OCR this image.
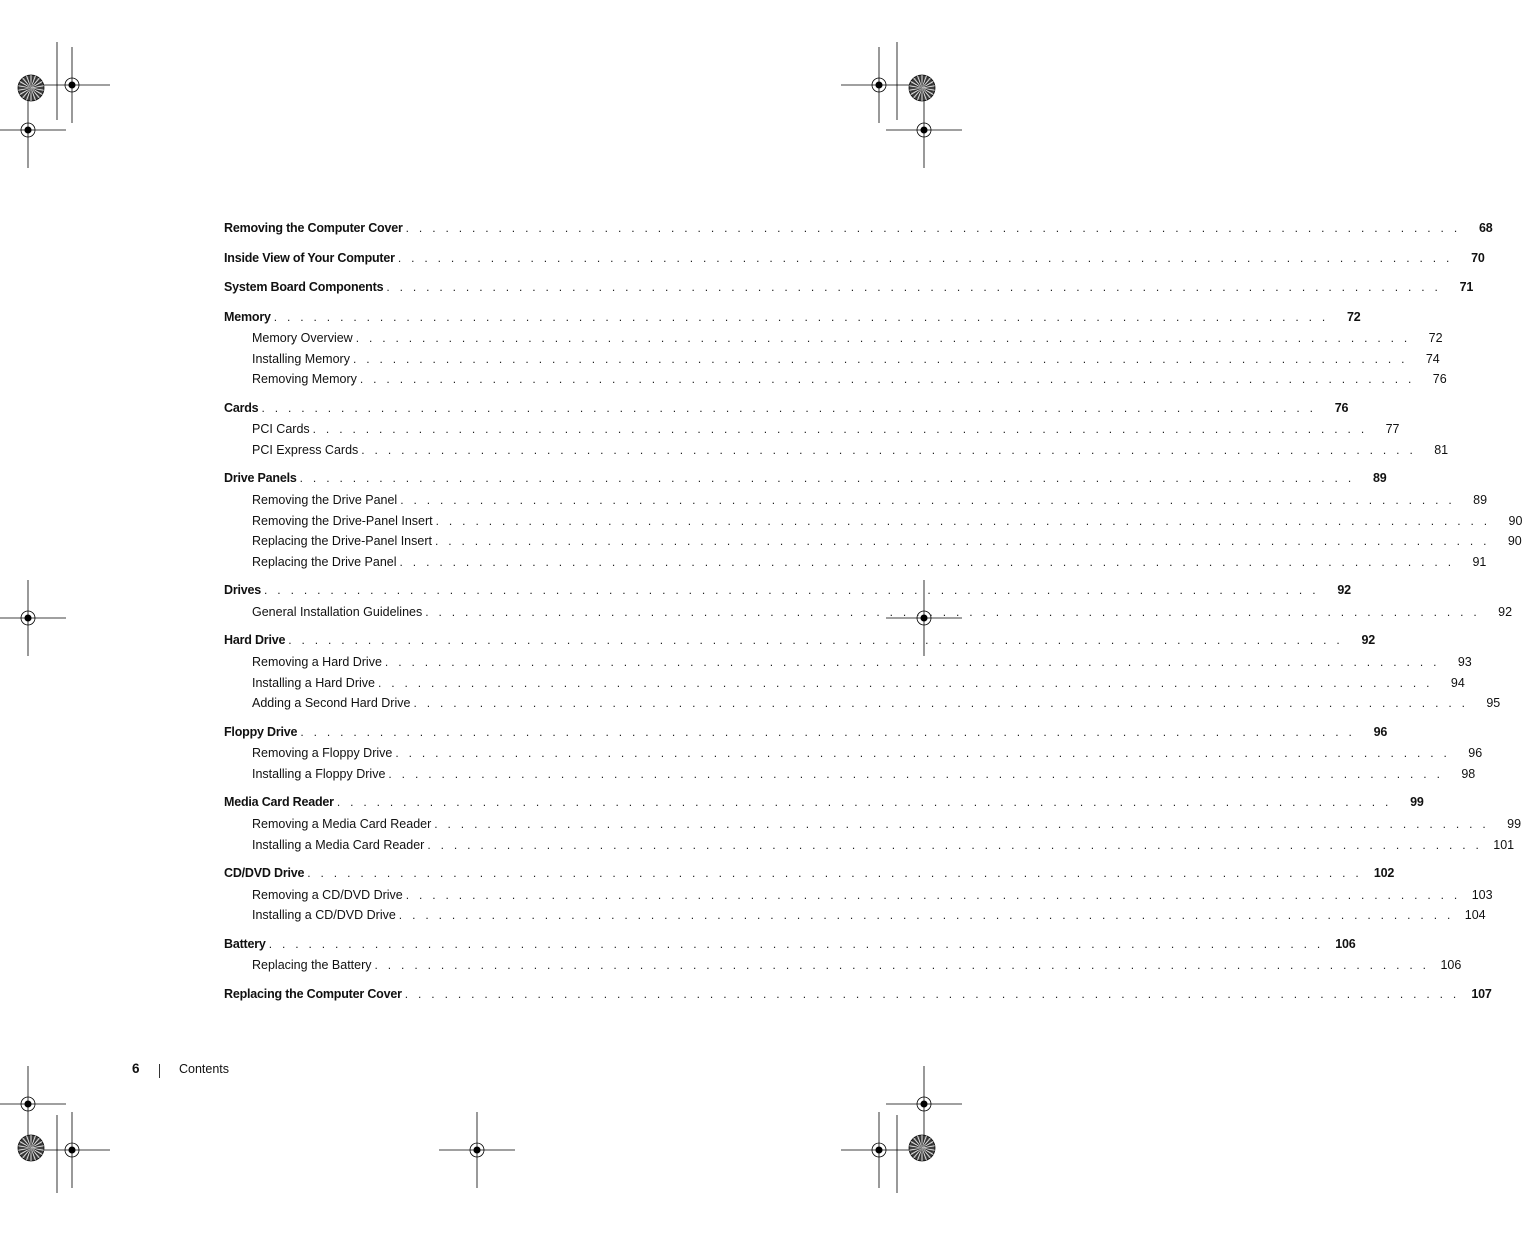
Removing the Computer Cover . . . . . . . . . . . . . . . . . . . . . . . . . . . . . . . . . . . . . . . . . . . . . . . . . . . . . . . . . . . . . . . . . . . . . . . . . . . . . . . .	68
Inside View of Your Computer . . . . . . . . . . . . . . . . . . . . . . . . . . . . . . . . . . . . . . . . . . . . . . . . . . . . . . . . . . . . . . . . . . . . . . . . . . . . . . . .	70
System Board Components . . . . . . . . . . . . . . . . . . . . . . . . . . . . . . . . . . . . . . . . . . . . . . . . . . . . . . . . . . . . . . . . . . . . . . . . . . . . . . . .	71
Memory . . . . . . . . . . . . . . . . . . . . . . . . . . . . . . . . . . . . . . . . . . . . . . . . . . . . . . . . . . . . . . . . . . . . . . . . . . . . . . . .	72
Memory Overview . . . . . . . . . . . . . . . . . . . . . . . . . . . . . . . . . . . . . . . . . . . . . . . . . . . . . . . . . . . . . . . . . . . . . . . . . . . . . . . .	72
Installing Memory . . . . . . . . . . . . . . . . . . . . . . . . . . . . . . . . . . . . . . . . . . . . . . . . . . . . . . . . . . . . . . . . . . . . . . . . . . . . . . . .	74
Removing Memory . . . . . . . . . . . . . . . . . . . . . . . . . . . . . . . . . . . . . . . . . . . . . . . . . . . . . . . . . . . . . . . . . . . . . . . . . . . . . . . .	76
Cards . . . . . . . . . . . . . . . . . . . . . . . . . . . . . . . . . . . . . . . . . . . . . . . . . . . . . . . . . . . . . . . . . . . . . . . . . . . . . . . .	76
PCI Cards . . . . . . . . . . . . . . . . . . . . . . . . . . . . . . . . . . . . . . . . . . . . . . . . . . . . . . . . . . . . . . . . . . . . . . . . . . . . . . . .	77
PCI Express Cards . . . . . . . . . . . . . . . . . . . . . . . . . . . . . . . . . . . . . . . . . . . . . . . . . . . . . . . . . . . . . . . . . . . . . . . . . . . . . . . .	81
Drive Panels . . . . . . . . . . . . . . . . . . . . . . . . . . . . . . . . . . . . . . . . . . . . . . . . . . . . . . . . . . . . . . . . . . . . . . . . . . . . . . . .	89
Removing the Drive Panel . . . . . . . . . . . . . . . . . . . . . . . . . . . . . . . . . . . . . . . . . . . . . . . . . . . . . . . . . . . . . . . . . . . . . . . . . . . . . . . .	89
Removing the Drive-Panel Insert . . . . . . . . . . . . . . . . . . . . . . . . . . . . . . . . . . . . . . . . . . . . . . . . . . . . . . . . . . . . . . . . . . . . . . . . . . . . . . . .	90
Replacing the Drive-Panel Insert . . . . . . . . . . . . . . . . . . . . . . . . . . . . . . . . . . . . . . . . . . . . . . . . . . . . . . . . . . . . . . . . . . . . . . . . . . . . . . . .	90
Replacing the Drive Panel . . . . . . . . . . . . . . . . . . . . . . . . . . . . . . . . . . . . . . . . . . . . . . . . . . . . . . . . . . . . . . . . . . . . . . . . . . . . . . . .	91
Drives . . . . . . . . . . . . . . . . . . . . . . . . . . . . . . . . . . . . . . . . . . . . . . . . . . . . . . . . . . . . . . . . . . . . . . . . . . . . . . . .	92
General Installation Guidelines . . . . . . . . . . . . . . . . . . . . . . . . . . . . . . . . . . . . . . . . . . . . . . . . . . . . . . . . . . . . . . . . . . . . . . . . . . . . . . . .	92
Hard Drive . . . . . . . . . . . . . . . . . . . . . . . . . . . . . . . . . . . . . . . . . . . . . . . . . . . . . . . . . . . . . . . . . . . . . . . . . . . . . . . .	92
Removing a Hard Drive . . . . . . . . . . . . . . . . . . . . . . . . . . . . . . . . . . . . . . . . . . . . . . . . . . . . . . . . . . . . . . . . . . . . . . . . . . . . . . . .	93
Installing a Hard Drive . . . . . . . . . . . . . . . . . . . . . . . . . . . . . . . . . . . . . . . . . . . . . . . . . . . . . . . . . . . . . . . . . . . . . . . . . . . . . . . .	94
Adding a Second Hard Drive . . . . . . . . . . . . . . . . . . . . . . . . . . . . . . . . . . . . . . . . . . . . . . . . . . . . . . . . . . . . . . . . . . . . . . . . . . . . . . . .	95
Floppy Drive . . . . . . . . . . . . . . . . . . . . . . . . . . . . . . . . . . . . . . . . . . . . . . . . . . . . . . . . . . . . . . . . . . . . . . . . . . . . . . . .	96
Removing a Floppy Drive . . . . . . . . . . . . . . . . . . . . . . . . . . . . . . . . . . . . . . . . . . . . . . . . . . . . . . . . . . . . . . . . . . . . . . . . . . . . . . . .	96
Installing a Floppy Drive . . . . . . . . . . . . . . . . . . . . . . . . . . . . . . . . . . . . . . . . . . . . . . . . . . . . . . . . . . . . . . . . . . . . . . . . . . . . . . . .	98
Media Card Reader . . . . . . . . . . . . . . . . . . . . . . . . . . . . . . . . . . . . . . . . . . . . . . . . . . . . . . . . . . . . . . . . . . . . . . . . . . . . . . . .	99
Removing a Media Card Reader . . . . . . . . . . . . . . . . . . . . . . . . . . . . . . . . . . . . . . . . . . . . . . . . . . . . . . . . . . . . . . . . . . . . . . . . . . . . . . . .	99
Installing a Media Card Reader . . . . . . . . . . . . . . . . . . . . . . . . . . . . . . . . . . . . . . . . . . . . . . . . . . . . . . . . . . . . . . . . . . . . . . . . . . . . . . . . 101
CD/DVD Drive . . . . . . . . . . . . . . . . . . . . . . . . . . . . . . . . . . . . . . . . . . . . . . . . . . . . . . . . . . . . . . . . . . . . . . . . . . . . . . . . 102
Removing a CD/DVD Drive . . . . . . . . . . . . . . . . . . . . . . . . . . . . . . . . . . . . . . . . . . . . . . . . . . . . . . . . . . . . . . . . . . . . . . . . . . . . . . . . 103
Installing a CD/DVD Drive . . . . . . . . . . . . . . . . . . . . . . . . . . . . . . . . . . . . . . . . . . . . . . . . . . . . . . . . . . . . . . . . . . . . . . . . . . . . . . . . 104
Battery . . . . . . . . . . . . . . . . . . . . . . . . . . . . . . . . . . . . . . . . . . . . . . . . . . . . . . . . . . . . . . . . . . . . . . . . . . . . . . . . 106
Replacing the Battery . . . . . . . . . . . . . . . . . . . . . . . . . . . . . . . . . . . . . . . . . . . . . . . . . . . . . . . . . . . . . . . . . . . . . . . . . . . . . . . . 106
Replacing the Computer Cover . . . . . . . . . . . . . . . . . . . . . . . . . . . . . . . . . . . . . . . . . . . . . . . . . . . . . . . . . . . . . . . . . . . . . . . . . . . . . . . . 107
6	Contents
